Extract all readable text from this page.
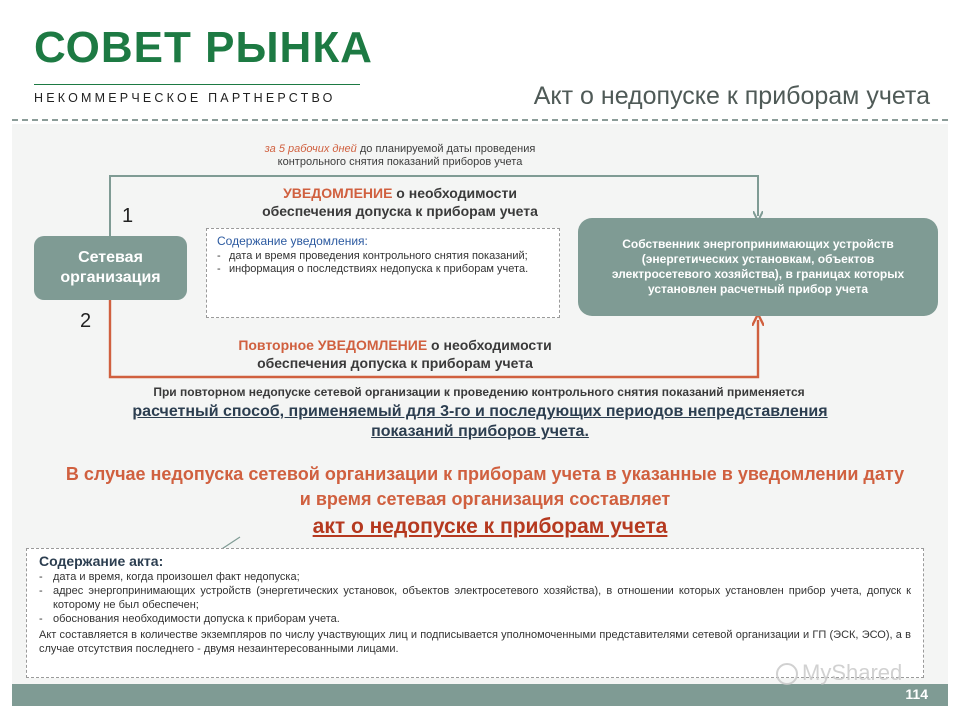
СОВЕТ РЫНКА
НЕКОММЕРЧЕСКОЕ ПАРТНЕРСТВО	Акт о недопуске к приборам учета
за 5 рабочих дней до планируемой даты проведения
контрольного снятия показаний приборов учета
1
2
Сетевая
организация
Собственник энергопринимающих устройств (энергетических установкам, объектов электросетевого хозяйства), в границах которых установлен расчетный прибор учета
УВЕДОМЛЕНИЕ о необходимости
обеспечения допуска к приборам учета
Содержание уведомления:
- дата и время проведения контрольного снятия показаний;
- информация о последствиях недопуска к приборам учета.
Повторное УВЕДОМЛЕНИЕ о необходимости
обеспечения допуска к приборам учета
При повторном недопуске сетевой организации к проведению контрольного снятия показаний применяется
расчетный способ, применяемый для 3-го и последующих периодов непредставления
показаний приборов учета.
В случае недопуска сетевой организации к приборам учета в указанные в уведомлении дату и время сетевая организация составляет
акт о недопуске к приборам учета
Содержание акта:
- дата и время, когда произошел факт недопуска;
- адрес энергопринимающих устройств (энергетических установок, объектов электросетевого хозяйства), в отношении которых установлен прибор учета, допуск к которому не был обеспечен;
- обоснования необходимости допуска к приборам учета.
Акт составляется в количестве экземпляров по числу участвующих лиц и подписывается уполномоченными представителями сетевой организации и ГП (ЭСК, ЭСО), а в случае отсутствия последнего - двумя незаинтересованными лицами.
MyShared
114
